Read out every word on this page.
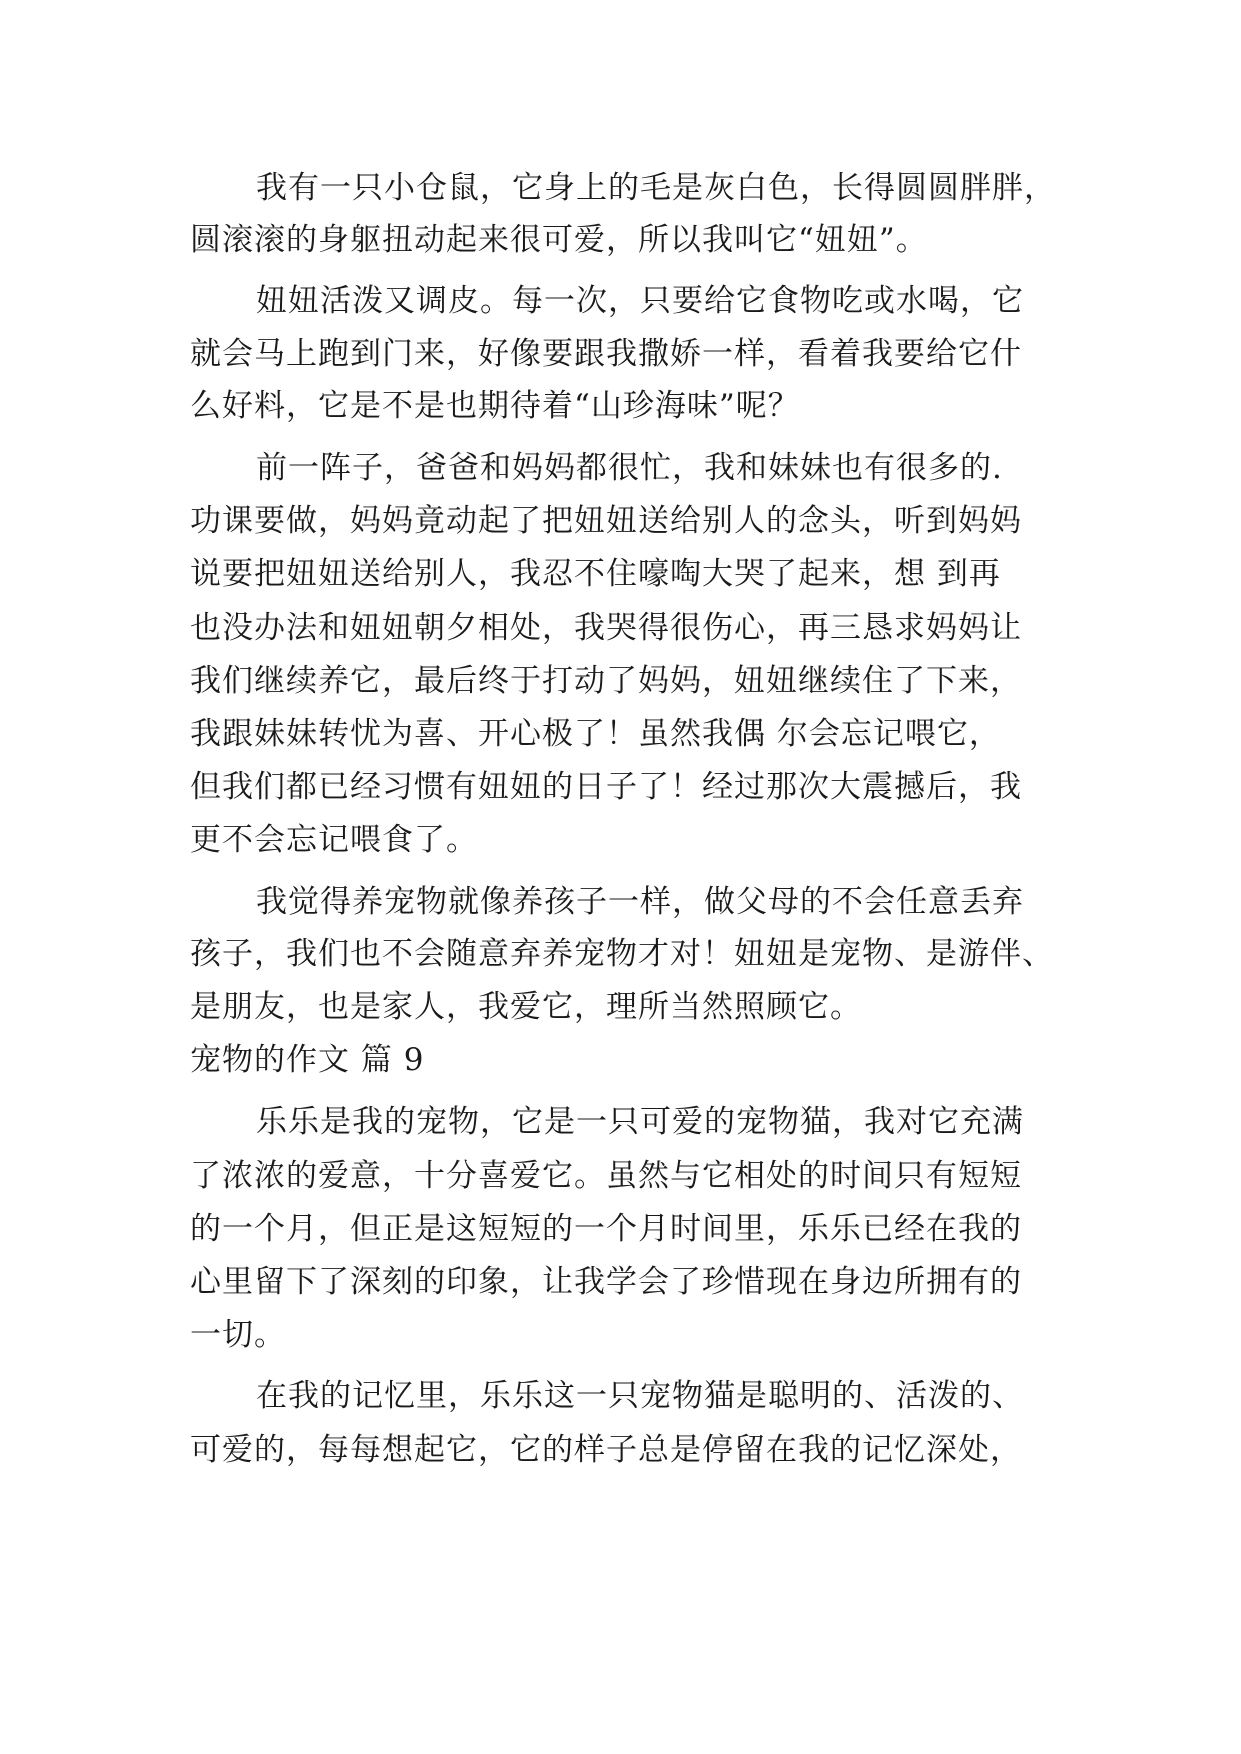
我有一只小仓鼠，它身上的毛是灰白色，长得圆圆胖胖，
圆滚滚的身躯扭动起来很可爱，所以我叫它“妞妞”。
妞妞活泼又调皮。每一次，只要给它食物吃或水喝，它
就会马上跑到门来，好像要跟我撒娇一样，看着我要给它什
么好料，它是不是也期待着“山珍海味”呢？
前一阵子，爸爸和妈妈都很忙，我和妹妹也有很多的.
功课要做，妈妈竟动起了把妞妞送给别人的念头，听到妈妈
说要把妞妞送给别人，我忍不住嚎啕大哭了起来，想 到再
也没办法和妞妞朝夕相处，我哭得很伤心，再三恳求妈妈让
我们继续养它，最后终于打动了妈妈，妞妞继续住了下来，
我跟妹妹转忧为喜、开心极了！虽然我偶 尔会忘记喂它，
但我们都已经习惯有妞妞的日子了！经过那次大震撼后，我
更不会忘记喂食了。
我觉得养宠物就像养孩子一样，做父母的不会任意丢弃
孩子，我们也不会随意弃养宠物才对！妞妞是宠物、是游伴、
是朋友，也是家人，我爱它，理所当然照顾它。
宠物的作文 篇 9
乐乐是我的宠物，它是一只可爱的宠物猫，我对它充满
了浓浓的爱意，十分喜爱它。虽然与它相处的时间只有短短
的一个月，但正是这短短的一个月时间里，乐乐已经在我的
心里留下了深刻的印象，让我学会了珍惜现在身边所拥有的
一切。
在我的记忆里，乐乐这一只宠物猫是聪明的、活泼的、
可爱的，每每想起它，它的样子总是停留在我的记忆深处，
